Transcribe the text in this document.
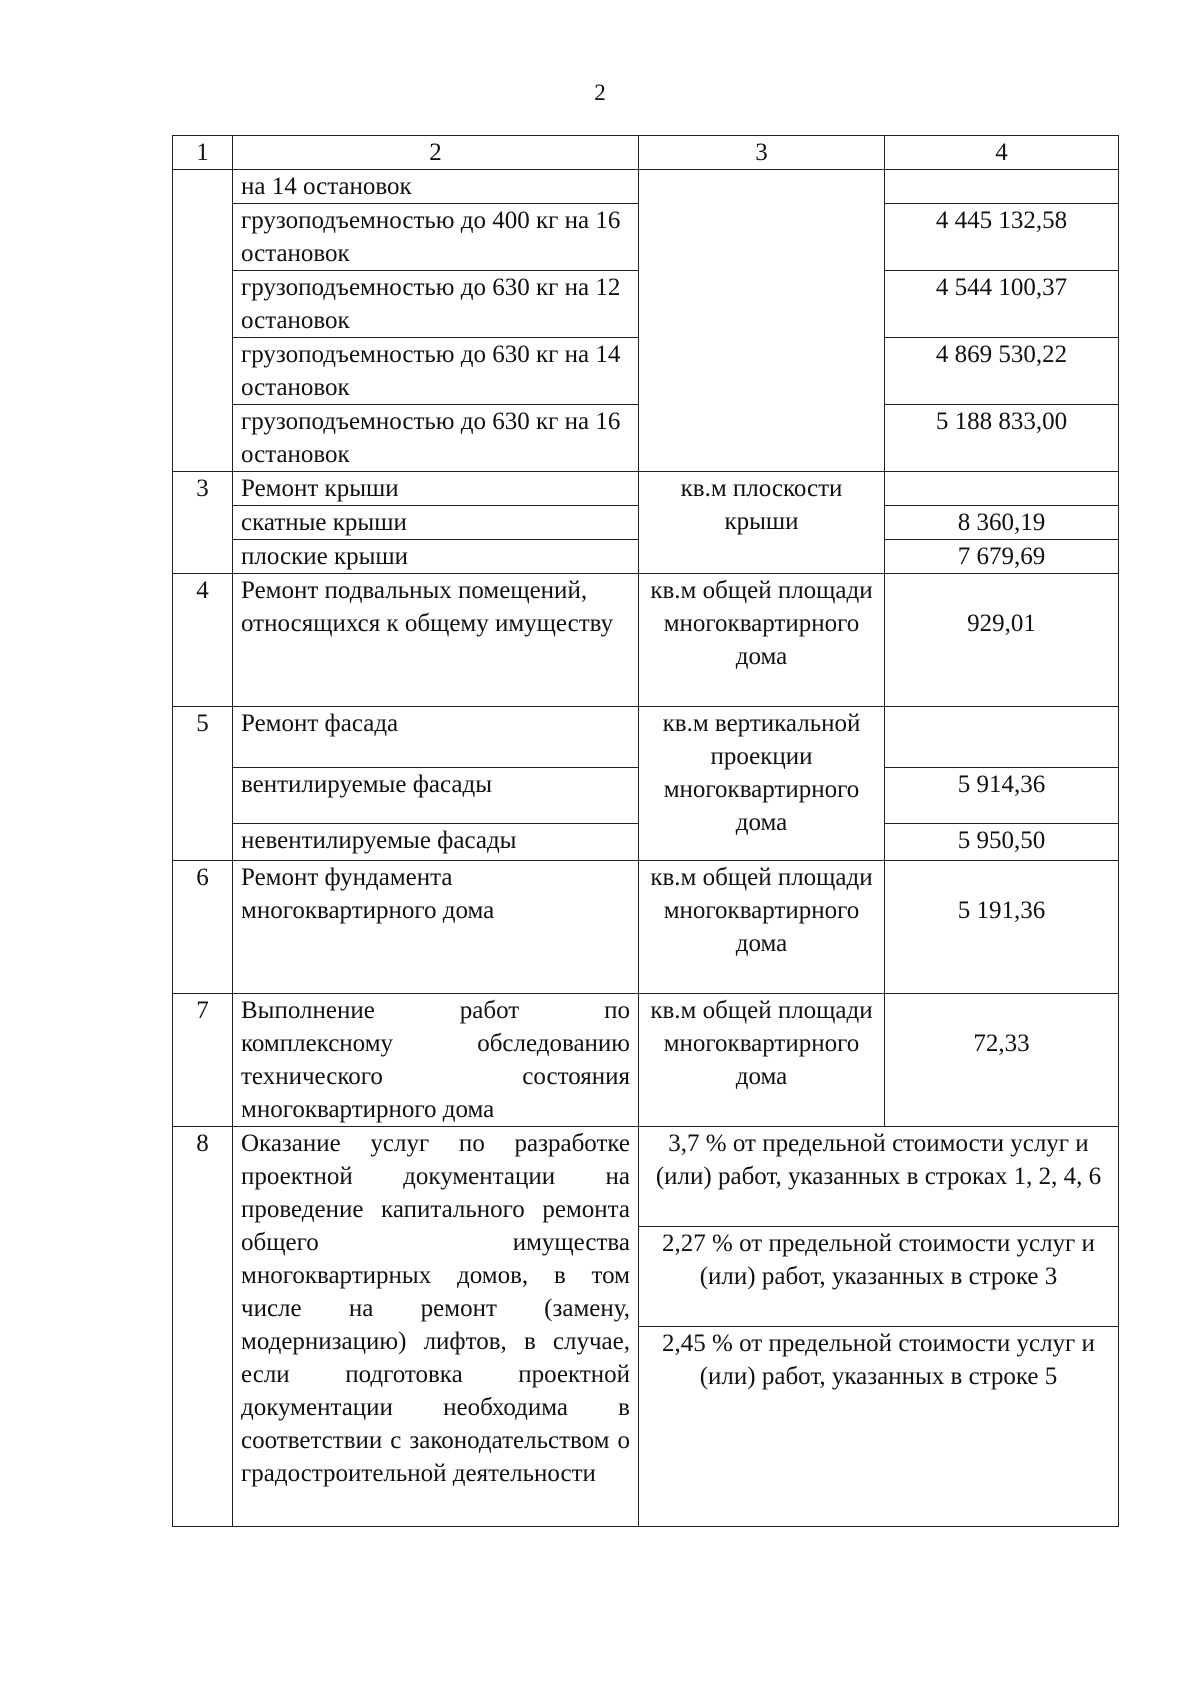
2
1	2	3	4
	на 14 остановок		
	грузоподъемностью до 400 кг на 16 остановок		4 445 132,58
	грузоподъемностью до 630 кг на 12 остановок		4 544 100,37
	грузоподъемностью до 630 кг на 14 остановок		4 869 530,22
	грузоподъемностью до 630 кг на 16 остановок		5 188 833,00
3	Ремонт крыши	кв.м плоскости крыши	
	скатные крыши		8 360,19
	плоские крыши		7 679,69
4	Ремонт подвальных помещений, относящихся к общему имуществу	кв.м общей площади многоквартирного дома	929,01
5	Ремонт фасада	кв.м вертикальной проекции многоквартирного дома	
	вентилируемые фасады		5 914,36
	невентилируемые фасады		5 950,50
6	Ремонт фундамента многоквартирного дома	кв.м общей площади многоквартирного дома	5 191,36
7	Выполнение работ по комплексному обследованию технического состояния многоквартирного дома	кв.м общей площади многоквартирного дома	72,33
8	Оказание услуг по разработке проектной документации на проведение капитального ремонта общего имущества многоквартирных домов, в том числе на ремонт (замену, модернизацию) лифтов, в случае, если подготовка проектной документации необходима в соответствии с законодательством о градостроительной деятельности	3,7 % от предельной стоимости услуг и (или) работ, указанных в строках 1, 2, 4, 6	
		2,27 % от предельной стоимости услуг и (или) работ, указанных в строке 3	
		2,45 % от предельной стоимости услуг и (или) работ, указанных в строке 5	
